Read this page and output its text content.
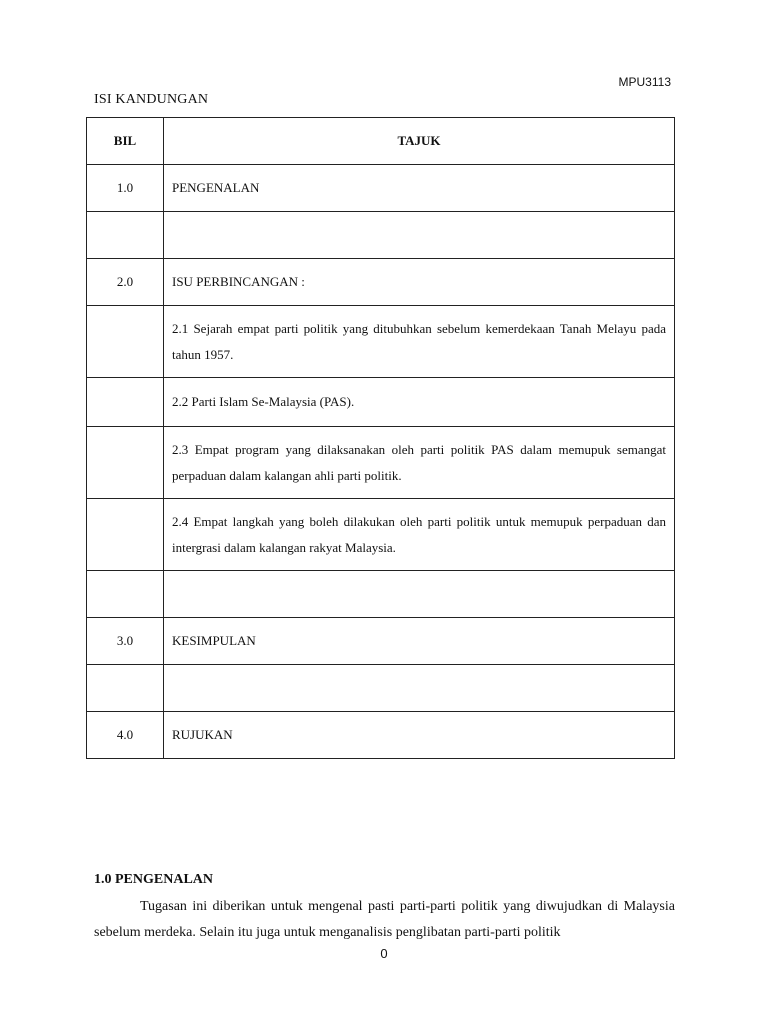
MPU3113
ISI KANDUNGAN
BIL	TAJUK
1.0	PENGENALAN

2.0	ISU PERBINCANGAN :
	2.1 Sejarah empat parti politik yang ditubuhkan sebelum kemerdekaan Tanah Melayu pada tahun 1957.
	2.2 Parti Islam Se-Malaysia (PAS).
	2.3 Empat program yang dilaksanakan oleh parti politik PAS dalam memupuk semangat perpaduan dalam kalangan ahli parti politik.
	2.4 Empat langkah yang boleh dilakukan oleh parti politik untuk memupuk perpaduan dan intergrasi dalam kalangan rakyat Malaysia.

3.0	KESIMPULAN

4.0	RUJUKAN
1.0 PENGENALAN
Tugasan ini diberikan untuk mengenal pasti parti-parti politik yang diwujudkan di Malaysia sebelum merdeka. Selain itu juga untuk menganalisis penglibatan parti-parti politik
0
